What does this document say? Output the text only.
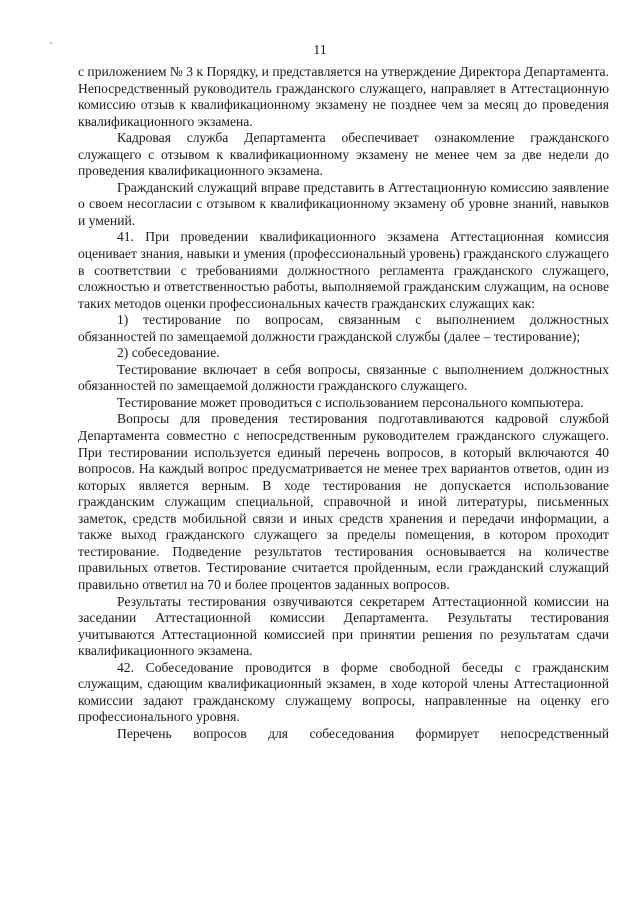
11

с приложением № 3 к Порядку, и представляется на утверждение Директора Департамента. Непосредственный руководитель гражданского служащего, направляет в Аттестационную комиссию отзыв к квалификационному экзамену не позднее чем за месяц до проведения квалификационного экзамена.

Кадровая служба Департамента обеспечивает ознакомление гражданского служащего с отзывом к квалификационному экзамену не менее чем за две недели до проведения квалификационного экзамена.

Гражданский служащий вправе представить в Аттестационную комиссию заявление о своем несогласии с отзывом к квалификационному экзамену об уровне знаний, навыков и умений.

41. При проведении квалификационного экзамена Аттестационная комиссия оценивает знания, навыки и умения (профессиональный уровень) гражданского служащего в соответствии с требованиями должностного регламента гражданского служащего, сложностью и ответственностью работы, выполняемой гражданским служащим, на основе таких методов оценки профессиональных качеств гражданских служащих как:

1) тестирование по вопросам, связанным с выполнением должностных обязанностей по замещаемой должности гражданской службы (далее – тестирование);

2) собеседование.

Тестирование включает в себя вопросы, связанные с выполнением должностных обязанностей по замещаемой должности гражданского служащего.

Тестирование может проводиться с использованием персонального компьютера.

Вопросы для проведения тестирования подготавливаются кадровой службой Департамента совместно с непосредственным руководителем гражданского служащего. При тестировании используется единый перечень вопросов, в который включаются 40 вопросов. На каждый вопрос предусматривается не менее трех вариантов ответов, один из которых является верным. В ходе тестирования не допускается использование гражданским служащим специальной, справочной и иной литературы, письменных заметок, средств мобильной связи и иных средств хранения и передачи информации, а также выход гражданского служащего за пределы помещения, в котором проходит тестирование. Подведение результатов тестирования основывается на количестве правильных ответов. Тестирование считается пройденным, если гражданский служащий правильно ответил на 70 и более процентов заданных вопросов.

Результаты тестирования озвучиваются секретарем Аттестационной комиссии на заседании Аттестационной комиссии Департамента. Результаты тестирования учитываются Аттестационной комиссией при принятии решения по результатам сдачи квалификационного экзамена.

42. Собеседование проводится в форме свободной беседы с гражданским служащим, сдающим квалификационный экзамен, в ходе которой члены Аттестационной комиссии задают гражданскому служащему вопросы, направленные на оценку его профессионального уровня.

Перечень вопросов для собеседования формирует непосредственный
